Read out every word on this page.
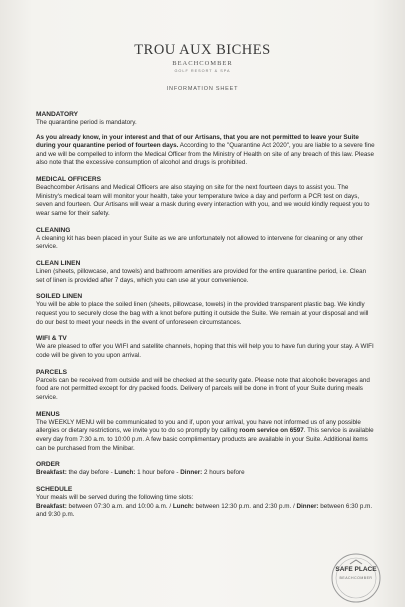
TROU AUX BICHES
BEACHCOMBER
GOLF RESORT & SPA
INFORMATION SHEET

MANDATORY

The quarantine period is mandatory.

As you already know, in your interest and that of our Artisans, that you are not permitted to leave your Suite during your quarantine period of fourteen days. According to the "Quarantine Act 2020", you are liable to a severe fine and we will be compelled to inform the Medical Officer from the Ministry of Health on site of any breach of this law. Please also note that the excessive consumption of alcohol and drugs is prohibited.

MEDICAL OFFICERS

Beachcomber Artisans and Medical Officers are also staying on site for the next fourteen days to assist you. The Ministry's medical team will monitor your health, take your temperature twice a day and perform a PCR test on days, seven and fourteen. Our Artisans will wear a mask during every interaction with you, and we would kindly request you to wear same for their safety.

CLEANING

A cleaning kit has been placed in your Suite as we are unfortunately not allowed to intervene for cleaning or any other service.

CLEAN LINEN

Linen (sheets, pillowcase, and towels) and bathroom amenities are provided for the entire quarantine period, i.e. Clean set of linen is provided after 7 days, which you can use at your convenience.

SOILED LINEN

You will be able to place the soiled linen (sheets, pillowcase, towels) in the provided transparent plastic bag. We kindly request you to securely close the bag with a knot before putting it outside the Suite. We remain at your disposal and will do our best to meet your needs in the event of unforeseen circumstances.

WIFI & TV

We are pleased to offer you WIFI and satellite channels, hoping that this will help you to have fun during your stay. A WIFI code will be given to you upon arrival.

PARCELS

Parcels can be received from outside and will be checked at the security gate. Please note that alcoholic beverages and food are not permitted except for dry packed foods. Delivery of parcels will be done in front of your Suite during meals service.

MENUS

The WEEKLY MENU will be communicated to you and if, upon your arrival, you have not informed us of any possible allergies or dietary restrictions, we invite you to do so promptly by calling room service on 6597. This service is available every day from 7:30 a.m. to 10:00 p.m. A few basic complimentary products are available in your Suite. Additional items can be purchased from the Minibar.

ORDER

Breakfast: the day before - Lunch: 1 hour before - Dinner: 2 hours before

SCHEDULE

Your meals will be served during the following time slots:

Breakfast: between 07:30 a.m. and 10:00 a.m. / Lunch: between 12:30 p.m. and 2:30 p.m. / Dinner: between 6:30 p.m. and 9:30 p.m.

SAFE PLACE
BEACHCOMBER
